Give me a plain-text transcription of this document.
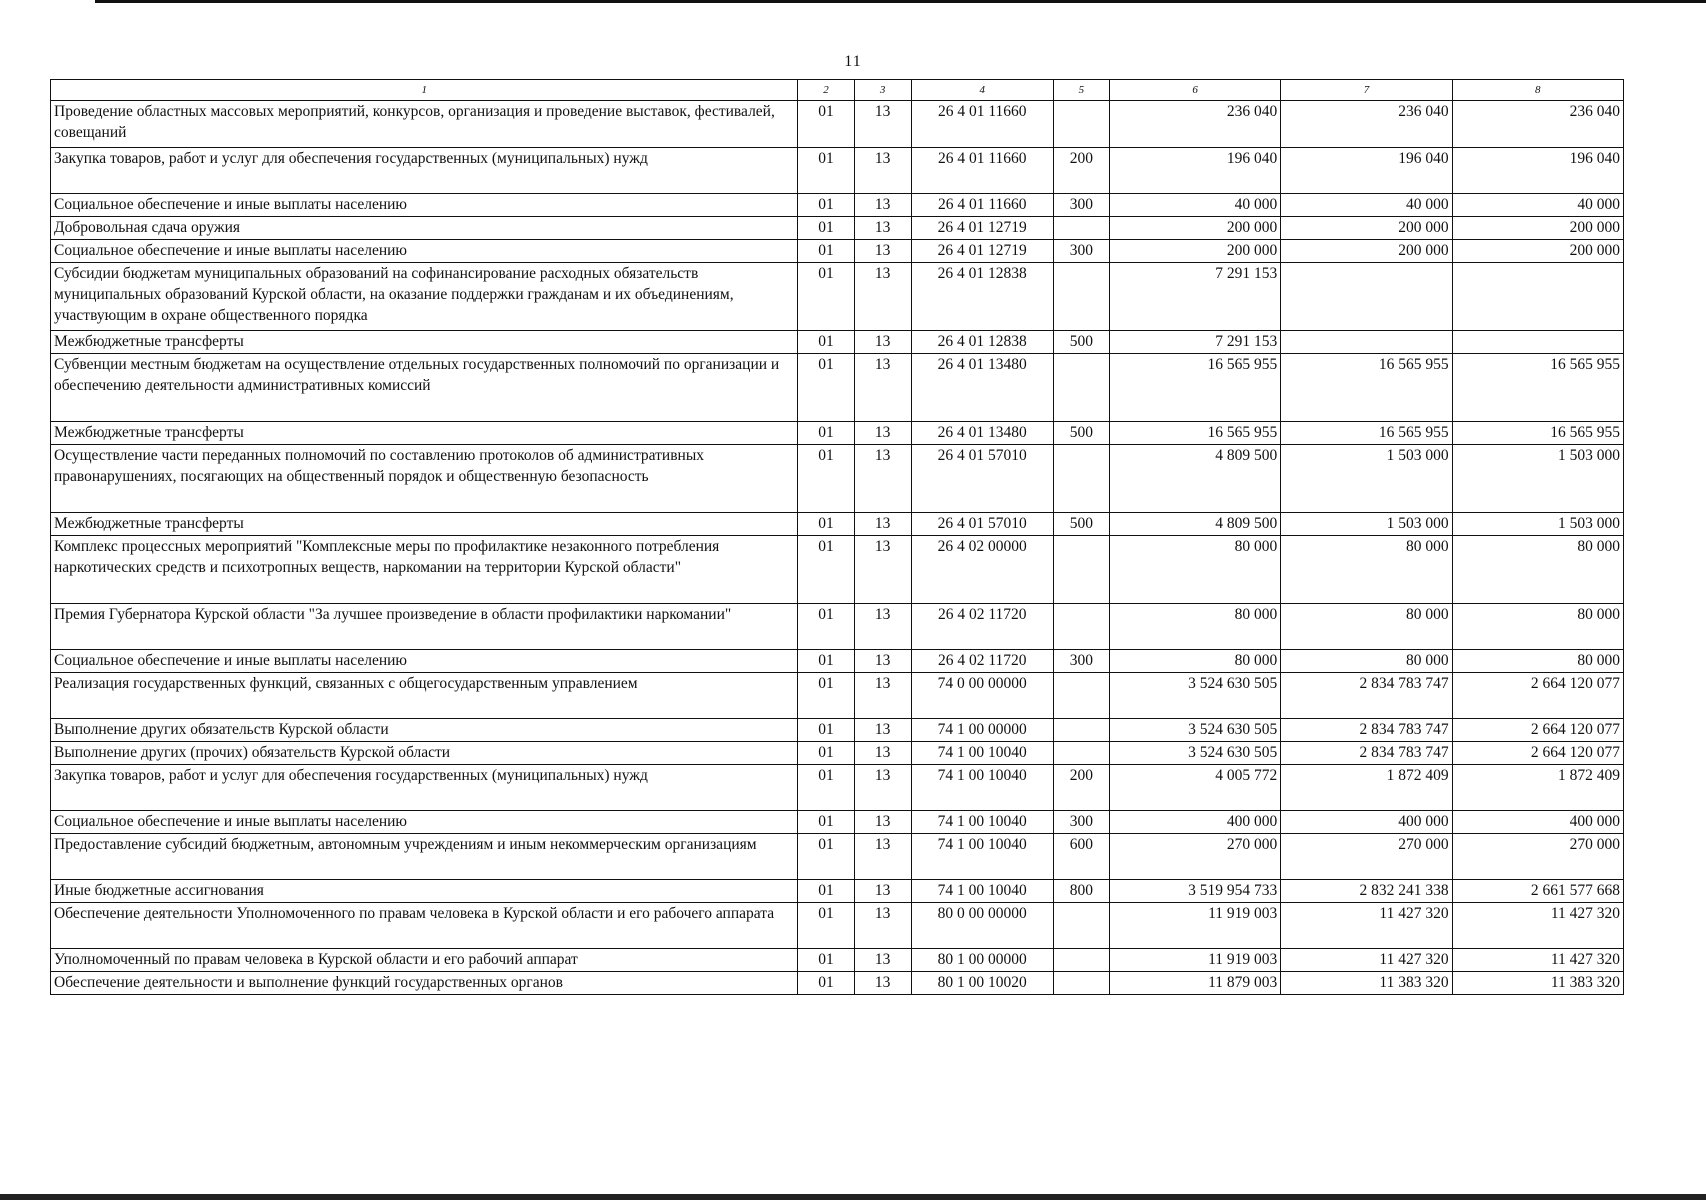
11
1	2	3	4	5	6	7	8
Проведение областных массовых мероприятий, конкурсов, организация и проведение выставок, фестивалей, совещаний	01	13	26 4 01 11660		236 040	236 040	236 040
Закупка товаров, работ и услуг для обеспечения государственных (муниципальных) нужд	01	13	26 4 01 11660	200	196 040	196 040	196 040
Социальное обеспечение и иные выплаты населению	01	13	26 4 01 11660	300	40 000	40 000	40 000
Добровольная сдача оружия	01	13	26 4 01 12719		200 000	200 000	200 000
Социальное обеспечение и иные выплаты населению	01	13	26 4 01 12719	300	200 000	200 000	200 000
Субсидии бюджетам муниципальных образований на софинансирование расходных обязательств муниципальных образований Курской области, на оказание поддержки гражданам и их объединениям, участвующим в охране общественного порядка	01	13	26 4 01 12838		7 291 153		
Межбюджетные трансферты	01	13	26 4 01 12838	500	7 291 153		
Субвенции местным бюджетам на осуществление отдельных государственных полномочий по организации и обеспечению деятельности административных комиссий	01	13	26 4 01 13480		16 565 955	16 565 955	16 565 955
Межбюджетные трансферты	01	13	26 4 01 13480	500	16 565 955	16 565 955	16 565 955
Осуществление части переданных полномочий по составлению протоколов об административных правонарушениях, посягающих на общественный порядок и общественную безопасность	01	13	26 4 01 57010		4 809 500	1 503 000	1 503 000
Межбюджетные трансферты	01	13	26 4 01 57010	500	4 809 500	1 503 000	1 503 000
Комплекс процессных мероприятий "Комплексные меры по профилактике незаконного потребления наркотических средств и психотропных веществ, наркомании на территории Курской области"	01	13	26 4 02 00000		80 000	80 000	80 000
Премия Губернатора Курской области "За лучшее произведение в области профилактики наркомании"	01	13	26 4 02 11720		80 000	80 000	80 000
Социальное обеспечение и иные выплаты населению	01	13	26 4 02 11720	300	80 000	80 000	80 000
Реализация государственных функций, связанных с общегосударственным управлением	01	13	74 0 00 00000		3 524 630 505	2 834 783 747	2 664 120 077
Выполнение других обязательств Курской области	01	13	74 1 00 00000		3 524 630 505	2 834 783 747	2 664 120 077
Выполнение других (прочих) обязательств Курской области	01	13	74 1 00 10040		3 524 630 505	2 834 783 747	2 664 120 077
Закупка товаров, работ и услуг для обеспечения государственных (муниципальных) нужд	01	13	74 1 00 10040	200	4 005 772	1 872 409	1 872 409
Социальное обеспечение и иные выплаты населению	01	13	74 1 00 10040	300	400 000	400 000	400 000
Предоставление субсидий бюджетным, автономным учреждениям и иным некоммерческим организациям	01	13	74 1 00 10040	600	270 000	270 000	270 000
Иные бюджетные ассигнования	01	13	74 1 00 10040	800	3 519 954 733	2 832 241 338	2 661 577 668
Обеспечение деятельности Уполномоченного по правам человека в Курской области и его рабочего аппарата	01	13	80 0 00 00000		11 919 003	11 427 320	11 427 320
Уполномоченный по правам человека в Курской области и его рабочий аппарат	01	13	80 1 00 00000		11 919 003	11 427 320	11 427 320
Обеспечение деятельности и выполнение функций государственных органов	01	13	80 1 00 10020		11 879 003	11 383 320	11 383 320
